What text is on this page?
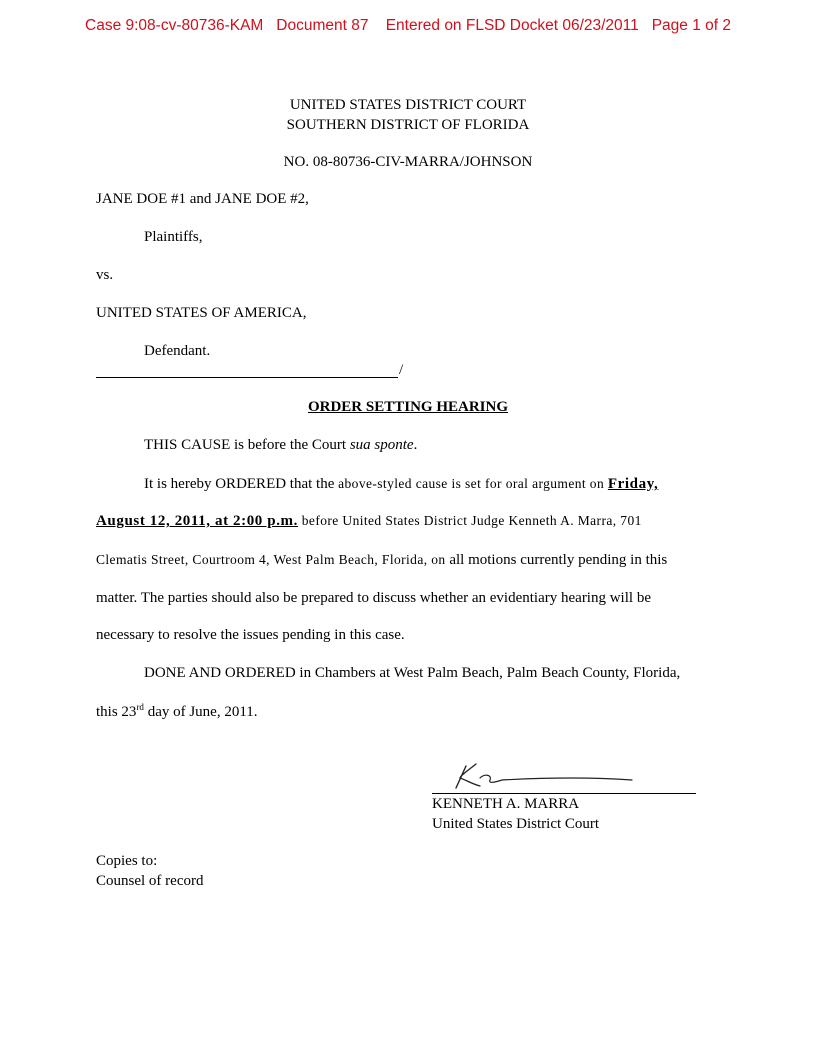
Case 9:08-cv-80736-KAM Document 87 Entered on FLSD Docket 06/23/2011 Page 1 of 2
UNITED STATES DISTRICT COURT
SOUTHERN DISTRICT OF FLORIDA
NO. 08-80736-CIV-MARRA/JOHNSON
JANE DOE #1 and JANE DOE #2,
Plaintiffs,
vs.
UNITED STATES OF AMERICA,
Defendant.
/
ORDER SETTING HEARING
THIS CAUSE is before the Court sua sponte.
It is hereby ORDERED that the above-styled cause is set for oral argument on Friday,
August 12, 2011, at 2:00 p.m. before United States District Judge Kenneth A. Marra, 701
Clematis Street, Courtroom 4, West Palm Beach, Florida, on all motions currently pending in this
matter. The parties should also be prepared to discuss whether an evidentiary hearing will be
necessary to resolve the issues pending in this case.
DONE AND ORDERED in Chambers at West Palm Beach, Palm Beach County, Florida,
this 23rd day of June, 2011.
KENNETH A. MARRA
United States District Court
Copies to:
Counsel of record
